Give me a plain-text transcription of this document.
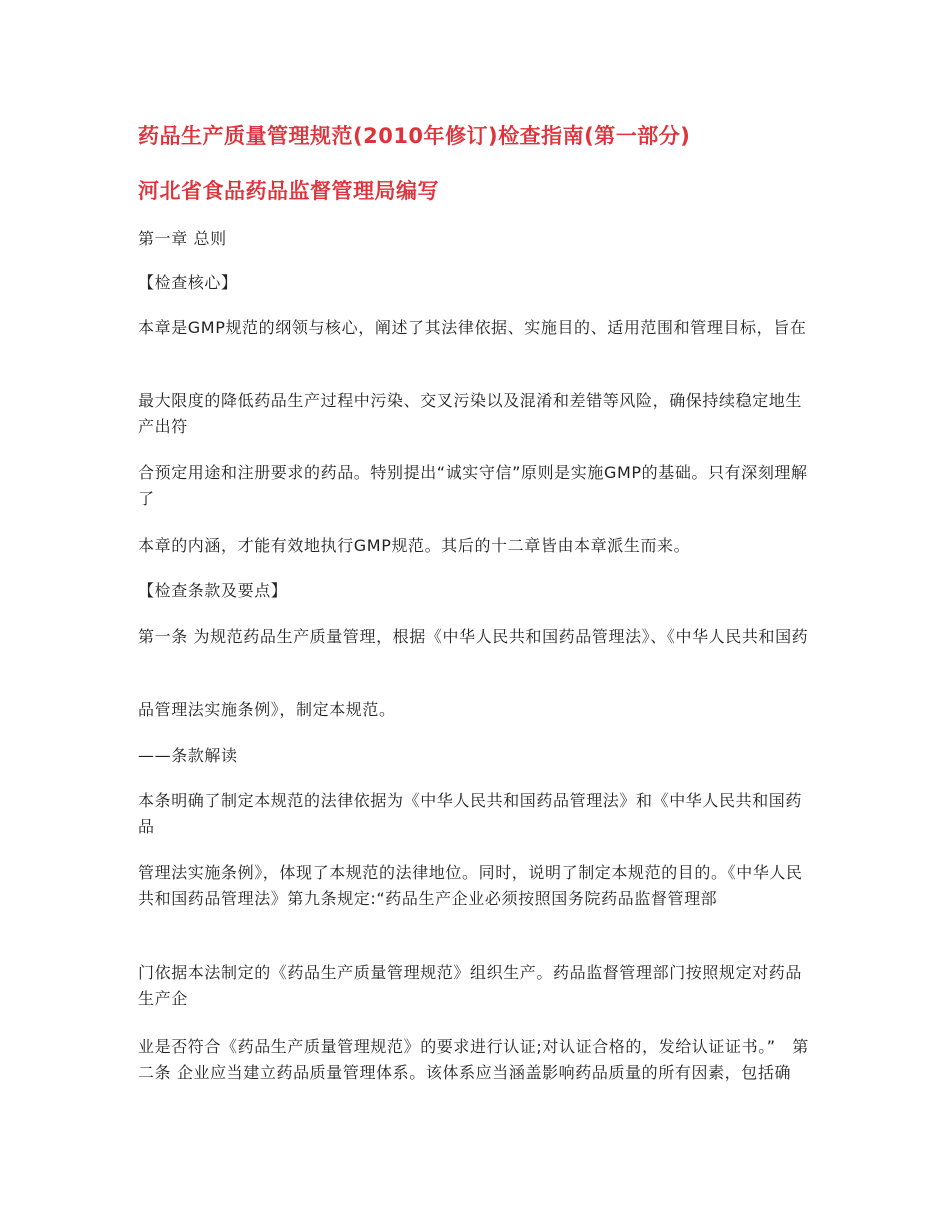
药品生产质量管理规范(2010年修订)检查指南(第一部分)
河北省食品药品监督管理局编写
第一章 总则
【检查核心】
本章是GMP规范的纲领与核心，阐述了其法律依据、实施目的、适用范围和管理目标，旨在
最大限度的降低药品生产过程中污染、交叉污染以及混淆和差错等风险，确保持续稳定地生产出符
合预定用途和注册要求的药品。特别提出“诚实守信”原则是实施GMP的基础。只有深刻理解了
本章的内涵，才能有效地执行GMP规范。其后的十二章皆由本章派生而来。
【检查条款及要点】
第一条 为规范药品生产质量管理，根据《中华人民共和国药品管理法》、《中华人民共和国药
品管理法实施条例》，制定本规范。
——条款解读
本条明确了制定本规范的法律依据为《中华人民共和国药品管理法》和《中华人民共和国药品
管理法实施条例》，体现了本规范的法律地位。同时，说明了制定本规范的目的。《中华人民共和国药品管理法》第九条规定:“药品生产企业必须按照国务院药品监督管理部
门依据本法制定的《药品生产质量管理规范》组织生产。药品监督管理部门按照规定对药品生产企
业是否符合《药品生产质量管理规范》的要求进行认证;对认证合格的，发给认证证书。”　第二条 企业应当建立药品质量管理体系。该体系应当涵盖影响药品质量的所有因素，包括确
